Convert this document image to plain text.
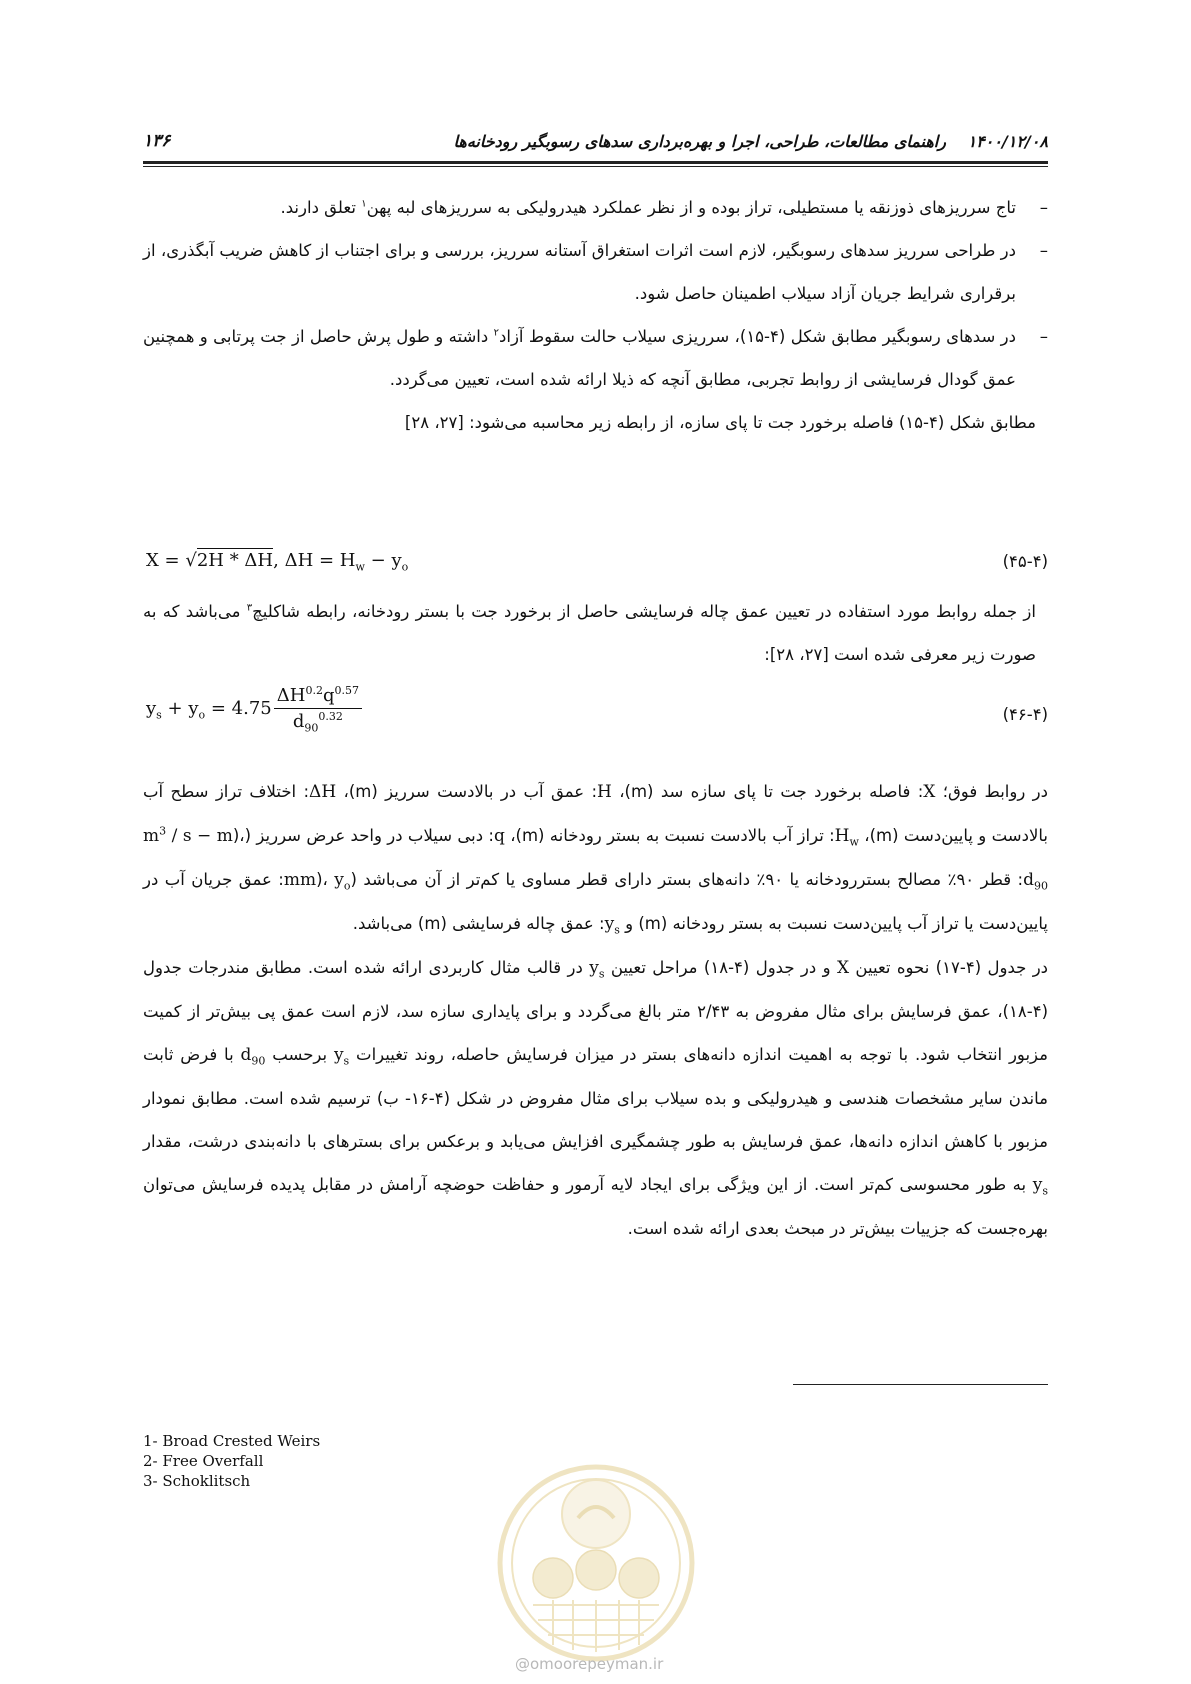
۱۳۶	۱۴۰۰/۱۲/۰۸ راهنمای مطالعات، طراحی، اجرا و بهره‌برداری سدهای رسوبگیر رودخانه‌ها

–
تاج سرریزهای ذوزنقه یا مستطیلی، تراز بوده و از نظر عملکرد هیدرولیکی به سرریزهای لبه پهن$^۱$ تعلق دارند.

–
در طراحی سرریز سدهای رسوبگیر، لازم است اثرات استغراق آستانه سرریز، بررسی و برای اجتناب از کاهش ضریب آبگذری، از برقراری شرایط جریان آزاد سیلاب اطمینان حاصل شود.

–
در سدهای رسوبگیر مطابق شکل (۴-۱۵)، سرریزی سیلاب حالت سقوط آزاد$^۲$ داشته و طول پرش حاصل از جت پرتابی و همچنین عمق گودال فرسایشی از روابط تجربی، مطابق آنچه که ذیلا ارائه شده است، تعیین می‌گردد.

مطابق شکل (۴-۱۵) فاصله برخورد جت تا پای سازه، از رابطه زیر محاسبه می‌شود: [۲۷، ۲۸]

X = √2H * ΔH, $\Delta H = H_w - y_o$	(۴۵-۴)

از جمله روابط مورد استفاده در تعیین عمق چاله فرسایشی حاصل از برخورد جت با بستر رودخانه، رابطه شاکلیچ$^۳$ می‌باشد که به صورت زیر معرفی شده است [۲۷، ۲۸]:

$y_s + y_o = 4.75 \frac{\Delta H^{0.2}q^{0.57}}{d_{90}^{0.32}}$	(۴۶-۴)

در روابط فوق؛ X: فاصله برخورد جت تا پای سازه سد (m)، H: عمق آب در بالادست سرریز (m)، ΔH: اختلاف تراز سطح آب بالادست و پایین‌دست (m)، $H_w$: تراز آب بالادست نسبت به بستر رودخانه (m)، q: دبی سیلاب در واحد عرض سرریز ($m^3$ / s − m)، $d_{90}$: قطر ۹۰٪ مصالح بستررودخانه یا ۹۰٪ دانه‌های بستر دارای قطر مساوی یا کم‌تر از آن می‌باشد (mm)، $y_o$: عمق جریان آب در پایین‌دست یا تراز آب پایین‌دست نسبت به بستر رودخانه (m) و $y_s$: عمق چاله فرسایشی (m) می‌باشد.

در جدول (۴-۱۷) نحوه تعیین X و در جدول (۴-۱۸) مراحل تعیین $y_s$ در قالب مثال کاربردی ارائه شده است. مطابق مندرجات جدول (۴-۱۸)، عمق فرسایش برای مثال مفروض به ۲/۴۳ متر بالغ می‌گردد و برای پایداری سازه سد، لازم است عمق پی بیش‌تر از کمیت مزبور انتخاب شود. با توجه به اهمیت اندازه دانه‌های بستر در میزان فرسایش حاصله، روند تغییرات $y_s$ برحسب $d_{90}$ با فرض ثابت ماندن سایر مشخصات هندسی و هیدرولیکی و بده سیلاب برای مثال مفروض در شکل (۴-۱۶- ب) ترسیم شده است. مطابق نمودار مزبور با کاهش اندازه دانه‌ها، عمق فرسایش به طور چشمگیری افزایش می‌یابد و برعکس برای بسترهای با دانه‌بندی درشت، مقدار $y_s$ به طور محسوسی کم‌تر است. از این ویژگی برای ایجاد لایه آرمور و حفاظت حوضچه آرامش در مقابل پدیده فرسایش می‌توان بهره‌جست که جزییات بیش‌تر در مبحث بعدی ارائه شده است.

1- Broad Crested Weirs
2- Free Overfall
3- Schoklitsch
@omoorepeyman.ir
